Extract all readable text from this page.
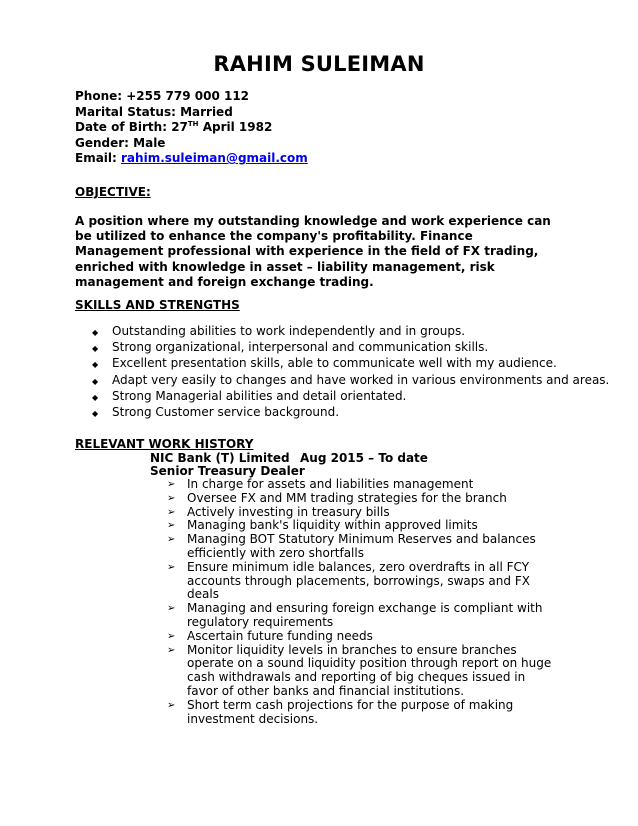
RAHIM SULEIMAN
Phone: +255 779 000 112
Marital Status: Married
Date of Birth: 27TH April 1982
Gender: Male
Email: rahim.suleiman@gmail.com
OBJECTIVE:
A position where my outstanding knowledge and work experience can be utilized to enhance the company's profitability. Finance Management professional with experience in the field of FX trading, enriched with knowledge in asset – liability management, risk management and foreign exchange trading.
SKILLS AND STRENGTHS
◆	Outstanding abilities to work independently and in groups.
◆	Strong organizational, interpersonal and communication skills.
◆	Excellent presentation skills, able to communicate well with my audience.
◆	Adapt very easily to changes and have worked in various environments and areas.
◆	Strong Managerial abilities and detail orientated.
◆	Strong Customer service background.
RELEVANT WORK HISTORY
NIC Bank (T) Limited Aug 2015 – To date
Senior Treasury Dealer
➢ In charge for assets and liabilities management
➢ Oversee FX and MM trading strategies for the branch
➢ Actively investing in treasury bills
➢ Managing bank's liquidity within approved limits
➢ Managing BOT Statutory Minimum Reserves and balances efficiently with zero shortfalls
➢ Ensure minimum idle balances, zero overdrafts in all FCY accounts through placements, borrowings, swaps and FX deals
➢ Managing and ensuring foreign exchange is compliant with regulatory requirements
➢ Ascertain future funding needs
➢ Monitor liquidity levels in branches to ensure branches operate on a sound liquidity position through report on huge cash withdrawals and reporting of big cheques issued in favor of other banks and financial institutions.
➢ Short term cash projections for the purpose of making investment decisions.
